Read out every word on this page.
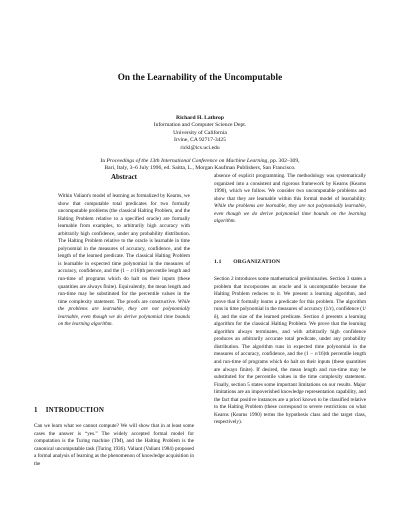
On the Learnability of the Uncomputable
Richard H. Lathrop
Information and Computer Science Dept.
University of California
Irvine, CA 92717-3425
rickl@ics.uci.edu
In Proceedings of the 13th International Conference on Machine Learning, pp. 302–309,
Bari, Italy, 3–6 July 1996, ed. Saitta, L., Morgan Kaufman Publishers, San Francisco.
Abstract

Within Valiant's model of learning as formalized by Kearns, we show that computable total predicates for two formally uncomputable problems (the classical Halting Problem, and the Halting Problem relative to a specified oracle) are formally learnable from examples, to arbitrarily high accuracy with arbitrarily high confidence, under any probability distribution. The Halting Problem relative to the oracle is learnable in time polynomial in the measures of accuracy, confidence, and the length of the learned predicate. The classical Halting Problem is learnable in expected time polynomial in the measures of accuracy, confidence, and the (1 − ε/16)th percentile length and run-time of programs which do halt on their inputs (these quantities are always finite). Equivalently, the mean length and run-time may be substituted for the percentile values in the time complexity statement. The proofs are constructive. While the problems are learnable, they are not polynomially learnable, even though we do derive polynomial time bounds on the learning algorithm.

absence of explicit programming. The methodology was systematically organized into a consistent and rigorous framework by Kearns (Kearns 1990), which we follow. We consider two uncomputable problems and show that they are learnable within this formal model of learnability. While the problems are learnable, they are not polynomially learnable, even though we do derive polynomial time bounds on the learning algorithm.

1.1   ORGANIZATION

Section 2 introduces some mathematical preliminaries. Section 3 states a problem that incorporates an oracle and is uncomputable because the Halting Problem reduces to it. We present a learning algorithm, and prove that it formally learns a predicate for this problem. The algorithm runs in time polynomial in the measures of accuracy (1/ε), confidence (1/δ), and the size of the learned predicate. Section 4 presents a learning algorithm for the classical Halting Problem. We prove that the learning algorithm always terminates, and with arbitrarily high confidence produces an arbitrarily accurate total predicate, under any probability distribution. The algorithm runs in expected time polynomial in the measures of accuracy, confidence, and the (1 − ε/16)th percentile length and run-time of programs which do halt on their inputs (these quantities are always finite). If desired, the mean length and run-time may be substituted for the percentile values in the time complexity statement. Finally, section 5 states some important limitations on our results. Major limitations are an impoverished knowledge representation capability, and the fact that positive instances are a priori known to be classified relative to the Halting Problem (these correspond to severe restrictions on what Kearns (Kearns 1990) terms the hypothesis class and the target class, respectively).

1 INTRODUCTION

Can we learn what we cannot compute? We will show that in at least some cases the answer is “yes.” The widely accepted formal model for computation is the Turing machine (TM), and the Halting Problem is the canonical uncomputable task (Turing 1936). Valiant (Valiant 1984) proposed a formal analysis of learning as the phenomenon of knowledge acquisition in the
